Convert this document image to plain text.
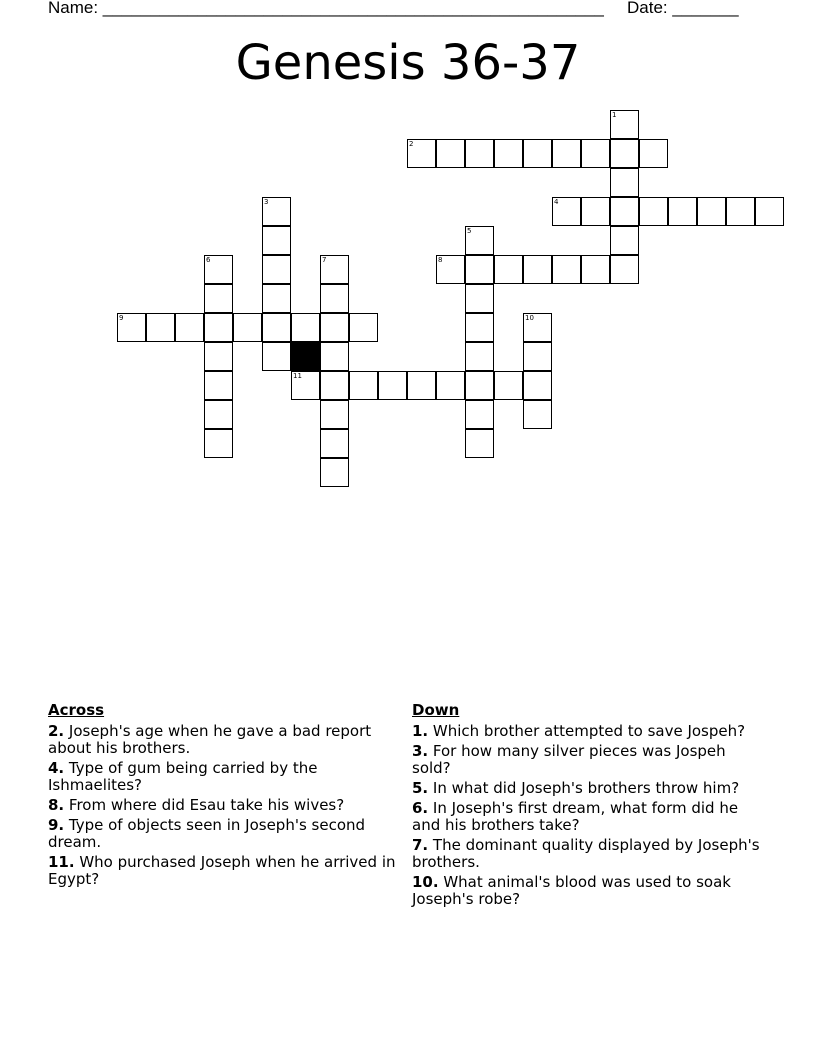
Name: _____________________________________________________ Date: _______
Genesis 36-37
1
2
3	4
5
6	7	8
9	10
11
Across
2. Joseph's age when he gave a bad report about his brothers.
4. Type of gum being carried by the Ishmaelites?
8. From where did Esau take his wives?
9. Type of objects seen in Joseph's second dream.
11. Who purchased Joseph when he arrived in Egypt?
Down
1. Which brother attempted to save Jospeh?
3. For how many silver pieces was Jospeh sold?
5. In what did Joseph's brothers throw him?
6. In Joseph's first dream, what form did he and his brothers take?
7. The dominant quality displayed by Joseph's brothers.
10. What animal's blood was used to soak Joseph's robe?
